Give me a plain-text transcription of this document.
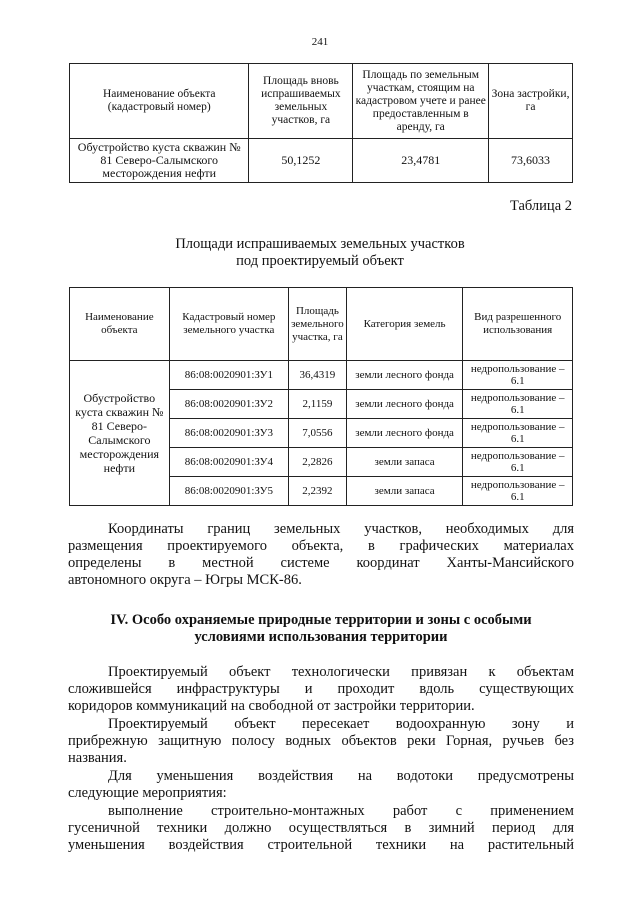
241
Наименование объекта (кадастровый номер)	Площадь вновь испрашиваемых земельных участков, га	Площадь по земельным участкам, стоящим на кадастровом учете и ранее предоставленным в аренду, га	Зона застройки, га
Обустройство куста скважин № 81 Северо-Салымского месторождения нефти	50,1252	23,4781	73,6033
Таблица 2
Площади испрашиваемых земельных участков
под проектируемый объект
Наименование объекта	Кадастровый номер земельного участка	Площадь земельного участка, га	Категория земель	Вид разрешенного использования
Обустройство куста скважин № 81 Северо-Салымского месторождения нефти	86:08:0020901:ЗУ1	36,4319	земли лесного фонда	недропользование – 6.1
	86:08:0020901:ЗУ2	2,1159	земли лесного фонда	недропользование – 6.1
	86:08:0020901:ЗУ3	7,0556	земли лесного фонда	недропользование – 6.1
	86:08:0020901:ЗУ4	2,2826	земли запаса	недропользование – 6.1
	86:08:0020901:ЗУ5	2,2392	земли запаса	недропользование – 6.1
Координаты границ земельных участков, необходимых для
размещения проектируемого объекта, в графических материалах
определены в местной системе координат Ханты-Мансийского
автономного округа – Югры МСК-86.
IV. Особо охраняемые природные территории и зоны с особыми
условиями использования территории
Проектируемый объект технологически привязан к объектам
сложившейся инфраструктуры и проходит вдоль существующих
коридоров коммуникаций на свободной от застройки территории.
Проектируемый объект пересекает водоохранную зону и
прибрежную защитную полосу водных объектов реки Горная, ручьев без
названия.
Для уменьшения воздействия на водотоки предусмотрены
следующие мероприятия:
выполнение строительно-монтажных работ с применением
гусеничной техники должно осуществляться в зимний период для
уменьшения воздействия строительной техники на растительный
